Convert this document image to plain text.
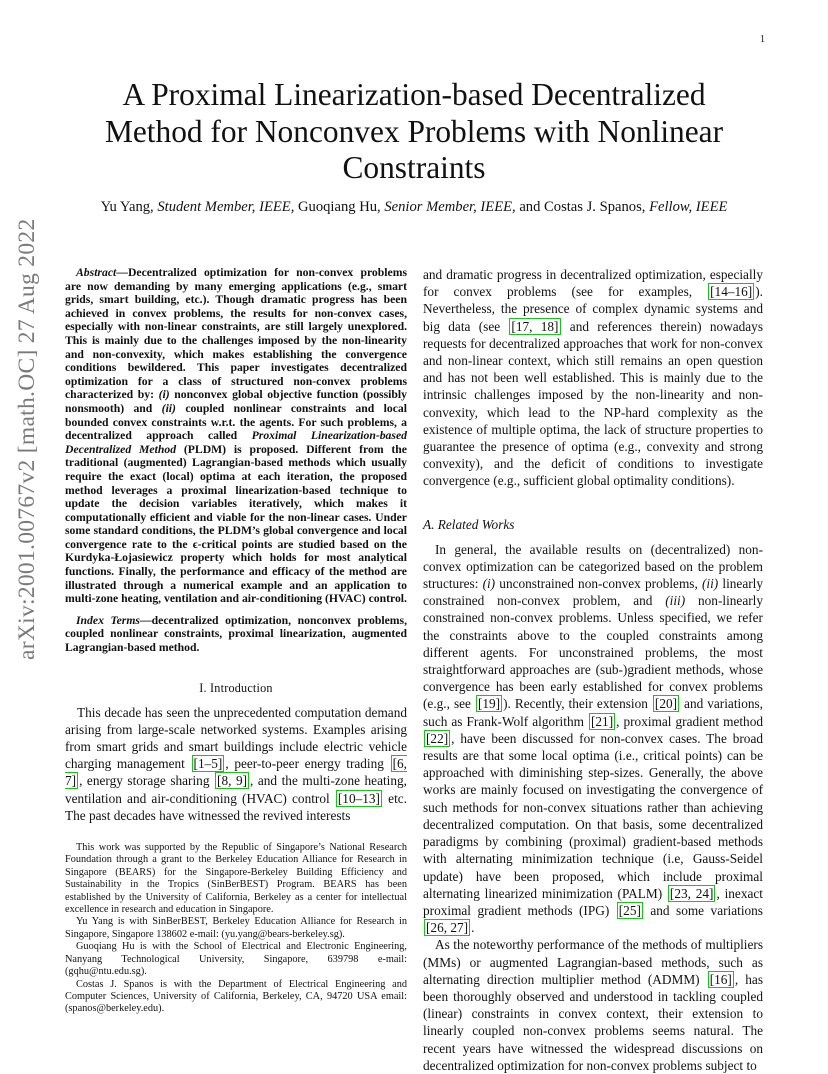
1
arXiv:2001.00767v2 [math.OC] 27 Aug 2022
A Proximal Linearization-based Decentralized
Method for Nonconvex Problems with Nonlinear
Constraints
Yu Yang, Student Member, IEEE, Guoqiang Hu, Senior Member, IEEE, and Costas J. Spanos, Fellow, IEEE

Abstract—Decentralized optimization for non-convex problems are now demanding by many emerging applications (e.g., smart grids, smart building, etc.). Though dramatic progress has been achieved in convex problems, the results for non-convex cases, especially with non-linear constraints, are still largely unexplored. This is mainly due to the challenges imposed by the non-linearity and non-convexity, which makes establishing the convergence conditions bewildered. This paper investigates decentralized optimization for a class of structured non-convex problems characterized by: (i) nonconvex global objective function (possibly nonsmooth) and (ii) coupled nonlinear constraints and local bounded convex constraints w.r.t. the agents. For such problems, a decentralized approach called Proximal Linearization-based Decentralized Method (PLDM) is proposed. Different from the traditional (augmented) Lagrangian-based methods which usually require the exact (local) optima at each iteration, the proposed method leverages a proximal linearization-based technique to update the decision variables iteratively, which makes it computationally efficient and viable for the non-linear cases. Under some standard conditions, the PLDM’s global convergence and local convergence rate to the ϵ-critical points are studied based on the Kurdyka-Łojasiewicz property which holds for most analytical functions. Finally, the performance and efficacy of the method are illustrated through a numerical example and an application to multi-zone heating, ventilation and air-conditioning (HVAC) control.

Index Terms—decentralized optimization, nonconvex problems, coupled nonlinear constraints, proximal linearization, augmented Lagrangian-based method.

I. Introduction

This decade has seen the unprecedented computation demand arising from large-scale networked systems. Examples arising from smart grids and smart buildings include electric vehicle charging management [1–5] , peer-to-peer energy trading [6, 7] , energy storage sharing [8, 9] , and the multi-zone heating, ventilation and air-conditioning (HVAC) control [10–13] etc. The past decades have witnessed the revived interests

This work was supported by the Republic of Singapore’s National Research Foundation through a grant to the Berkeley Education Alliance for Research in Singapore (BEARS) for the Singapore-Berkeley Building Efficiency and Sustainability in the Tropics (SinBerBEST) Program. BEARS has been established by the University of California, Berkeley as a center for intellectual excellence in research and education in Singapore.

Yu Yang is with SinBerBEST, Berkeley Education Alliance for Research in Singapore, Singapore 138602 e-mail: (yu.yang@bears-berkeley.sg).

Guoqiang Hu is with the School of Electrical and Electronic Engineering, Nanyang Technological University, Singapore, 639798 e-mail: (gqhu@ntu.edu.sg).

Costas J. Spanos is with the Department of Electrical Engineering and Computer Sciences, University of California, Berkeley, CA, 94720 USA email: (spanos@berkeley.edu).

and dramatic progress in decentralized optimization, especially for convex problems (see for examples, [14–16] ). Nevertheless, the presence of complex dynamic systems and big data (see [17, 18] and references therein) nowadays requests for decentralized approaches that work for non-convex and non-linear context, which still remains an open question and has not been well established. This is mainly due to the intrinsic challenges imposed by the non-linearity and non-convexity, which lead to the NP-hard complexity as the existence of multiple optima, the lack of structure properties to guarantee the presence of optima (e.g., convexity and strong convexity), and the deficit of conditions to investigate convergence (e.g., sufficient global optimality conditions).

A. Related Works

In general, the available results on (decentralized) non-convex optimization can be categorized based on the problem structures: (i) unconstrained non-convex problems, (ii) linearly constrained non-convex problem, and (iii) non-linearly constrained non-convex problems. Unless specified, we refer the constraints above to the coupled constraints among different agents. For unconstrained problems, the most straightforward approaches are (sub-)gradient methods, whose convergence has been early established for convex problems (e.g., see [19] ). Recently, their extension [20] and variations, such as Frank-Wolf algorithm [21] , proximal gradient method [22] , have been discussed for non-convex cases. The broad results are that some local optima (i.e., critical points) can be approached with diminishing step-sizes. Generally, the above works are mainly focused on investigating the convergence of such methods for non-convex situations rather than achieving decentralized computation. On that basis, some decentralized paradigms by combining (proximal) gradient-based methods with alternating minimization technique (i.e, Gauss-Seidel update) have been proposed, which include proximal alternating linearized minimization (PALM) [23, 24] , inexact proximal gradient methods (IPG) [25] and some variations [26, 27] .

As the noteworthy performance of the methods of multipliers (MMs) or augmented Lagrangian-based methods, such as alternating direction multiplier method (ADMM) [16] , has been thoroughly observed and understood in tackling coupled (linear) constraints in convex context, their extension to linearly coupled non-convex problems seems natural. The recent years have witnessed the widespread discussions on decentralized optimization for non-convex problems subject to
